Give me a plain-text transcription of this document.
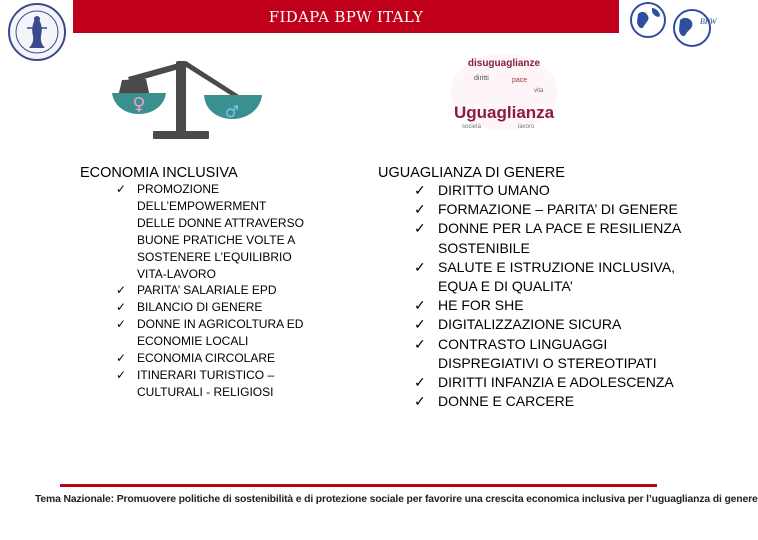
FIDAPA BPW ITALY	BPW
♀	♂
disuguaglianze
diritti	pace
vita
Uguaglianza
lavoro
società
ECONOMIA INCLUSIVA
✓ PROMOZIONE DELL’EMPOWERMENT DELLE DONNE ATTRAVERSO BUONE PRATICHE VOLTE A SOSTENERE L’EQUILIBRIO VITA-LAVORO
✓ PARITA’ SALARIALE EPD
✓ BILANCIO DI GENERE
✓ DONNE IN AGRICOLTURA ED ECONOMIE LOCALI
✓ ECONOMIA CIRCOLARE
✓ ITINERARI TURISTICO – CULTURALI - RELIGIOSI
UGUAGLIANZA DI GENERE
✓ DIRITTO UMANO
✓ FORMAZIONE – PARITA’ DI GENERE
✓ DONNE PER LA PACE E RESILIENZA SOSTENIBILE
✓ SALUTE E ISTRUZIONE INCLUSIVA, EQUA E DI QUALITA’
✓ HE FOR SHE
✓ DIGITALIZZAZIONE SICURA
✓ CONTRASTO LINGUAGGI DISPREGIATIVI O STEREOTIPATI
✓ DIRITTI INFANZIA E ADOLESCENZA
✓ DONNE E CARCERE
Tema Nazionale: Promuovere politiche di sostenibilità e di protezione sociale per favorire una crescita economica inclusiva per l’uguaglianza di genere
